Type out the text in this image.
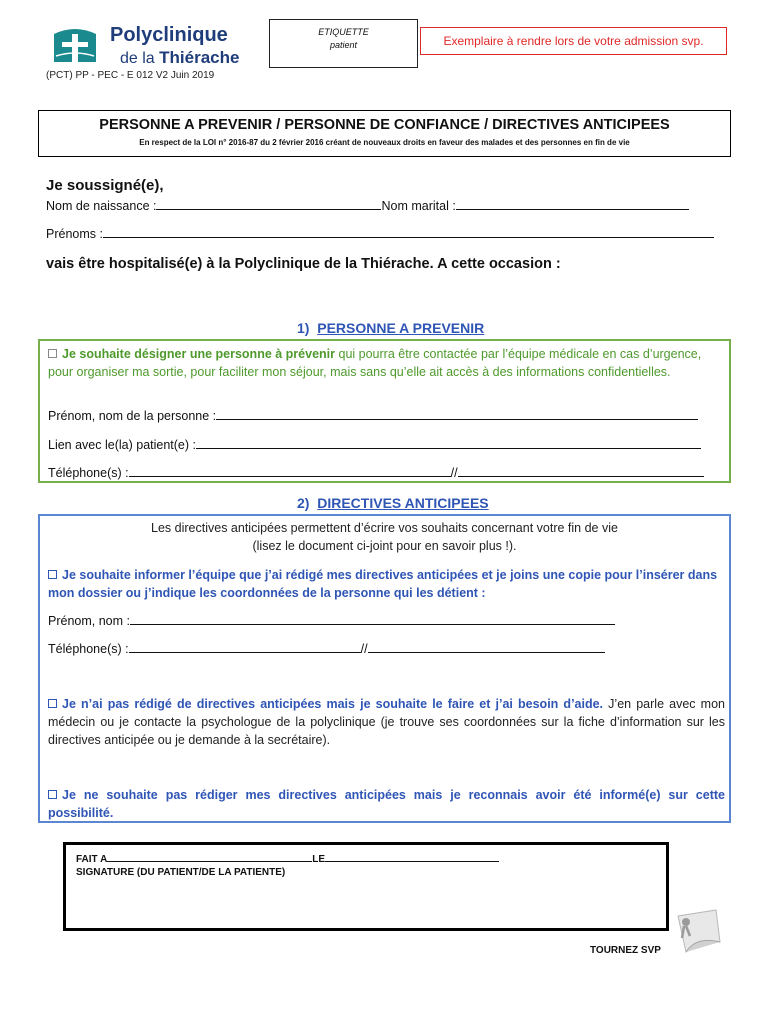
Polyclinique
de la Thiérache
(PCT) PP - PEC - E 012 V2 Juin 2019
ETIQUETTE
patient	Exemplaire à rendre lors de votre admission svp.
PERSONNE A PREVENIR / PERSONNE DE CONFIANCE / DIRECTIVES ANTICIPEES
En respect de la LOI n° 2016-87 du 2 février 2016 créant de nouveaux droits en faveur des malades et des personnes en fin de vie
Je soussigné(e),
Nom de naissance :	Nom marital :
Prénoms :
vais être hospitalisé(e) à la Polyclinique de la Thiérache. A cette occasion :
1) PERSONNE A PREVENIR
Je souhaite désigner une personne à prévenir qui pourra être contactée par l’équipe médicale en cas d’urgence, pour organiser ma sortie, pour faciliter mon séjour, mais sans qu’elle ait accès à des informations confidentielles.
Prénom, nom de la personne :
Lien avec le(la) patient(e) :
Téléphone(s) :	//
2) DIRECTIVES ANTICIPEES
Les directives anticipées permettent d’écrire vos souhaits concernant votre fin de vie
(lisez le document ci-joint pour en savoir plus !).
Je souhaite informer l’équipe que j’ai rédigé mes directives anticipées et je joins une copie pour l’insérer dans mon dossier ou j’indique les coordonnées de la personne qui les détient :
Prénom, nom :
Téléphone(s) :	//
Je n’ai pas rédigé de directives anticipées mais je souhaite le faire et j’ai besoin d’aide. J’en parle avec mon médecin ou je contacte la psychologue de la polyclinique (je trouve ses coordonnées sur la fiche d’information sur les directives anticipée ou je demande à la secrétaire).
Je ne souhaite pas rédiger mes directives anticipées mais je reconnais avoir été informé(e) sur cette possibilité.
FAIT A	LE
SIGNATURE (DU PATIENT/DE LA PATIENTE)
TOURNEZ SVP
